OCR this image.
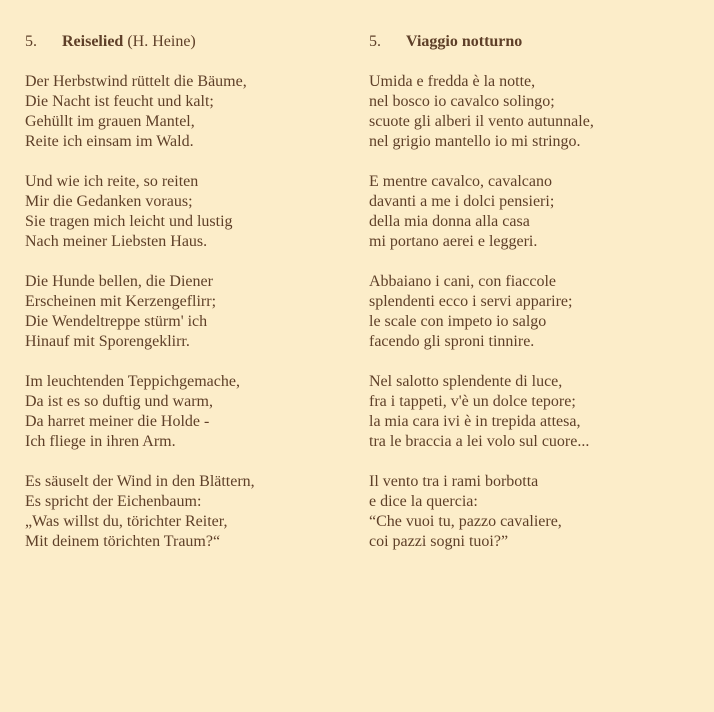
5. Reiselied (H. Heine)
Der Herbstwind rüttelt die Bäume,
Die Nacht ist feucht und kalt;
Gehüllt im grauen Mantel,
Reite ich einsam im Wald.
Und wie ich reite, so reiten
Mir die Gedanken voraus;
Sie tragen mich leicht und lustig
Nach meiner Liebsten Haus.
Die Hunde bellen, die Diener
Erscheinen mit Kerzengeflirr;
Die Wendeltreppe stürm' ich
Hinauf mit Sporengeklirr.
Im leuchtenden Teppichgemache,
Da ist es so duftig und warm,
Da harret meiner die Holde -
Ich fliege in ihren Arm.
Es säuselt der Wind in den Blättern,
Es spricht der Eichenbaum:
„Was willst du, törichter Reiter,
Mit deinem törichten Traum?“
5. Viaggio notturno
Umida e fredda è la notte,
nel bosco io cavalco solingo;
scuote gli alberi il vento autunnale,
nel grigio mantello io mi stringo.
E mentre cavalco, cavalcano
davanti a me i dolci pensieri;
della mia donna alla casa
mi portano aerei e leggeri.
Abbaiano i cani, con fiaccole
splendenti ecco i servi apparire;
le scale con impeto io salgo
facendo gli sproni tinnire.
Nel salotto splendente di luce,
fra i tappeti, v'è un dolce tepore;
la mia cara ivi è in trepida attesa,
tra le braccia a lei volo sul cuore...
Il vento tra i rami borbotta
e dice la quercia:
“Che vuoi tu, pazzo cavaliere,
coi pazzi sogni tuoi?”
